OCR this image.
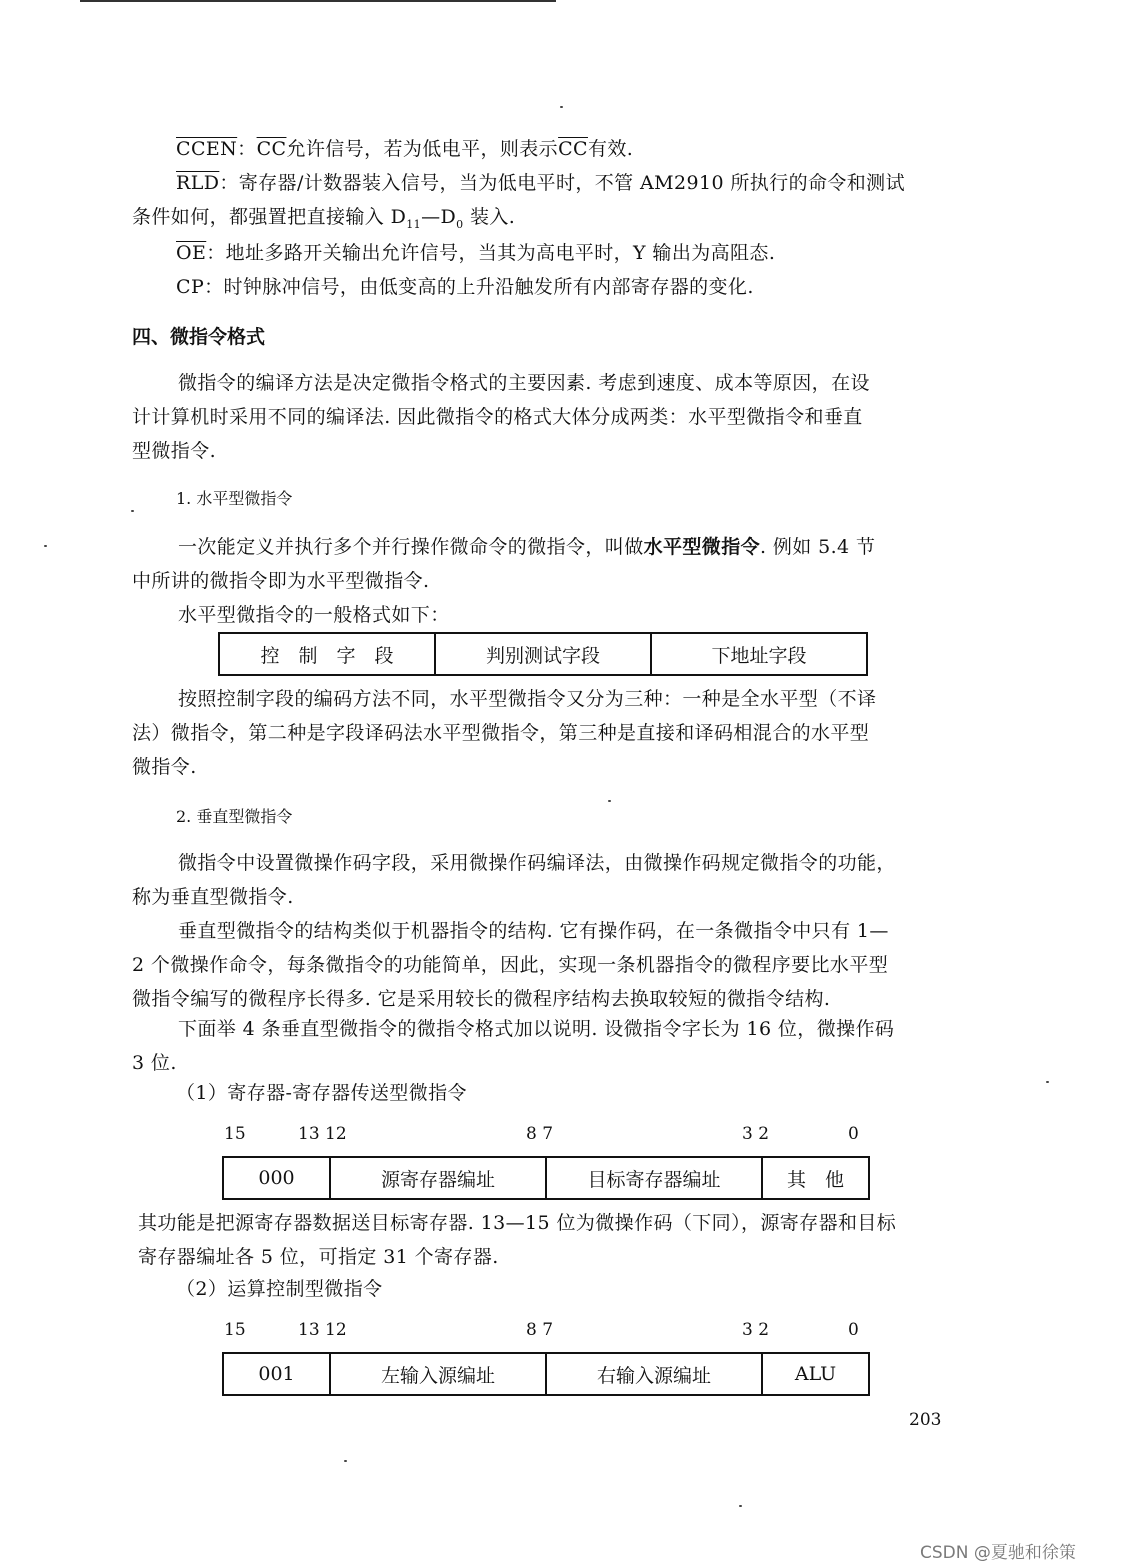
CCEN：$\overline{CC}$允许信号，若为低电平，则表示$\overline{CC}$有效.
$\overline{RLD}$：寄存器/计数器装入信号，当为低电平时，不管 AM2910 所执行的命令和测试
条件如何，都强置把直接输入 $D_{11}—D_0$ 装入.
$\overline{OE}$：地址多路开关输出允许信号，当其为高电平时，Y 输出为高阻态.
CP：时钟脉冲信号，由低变高的上升沿触发所有内部寄存器的变化.
四、微指令格式
微指令的编译方法是决定微指令格式的主要因素. 考虑到速度、成本等原因，在设
计计算机时采用不同的编译法. 因此微指令的格式大体分成两类：水平型微指令和垂直
型微指令.
1. 水平型微指令
一次能定义并执行多个并行操作微命令的微指令，叫做水平型微指令. 例如 5.4 节
中所讲的微指令即为水平型微指令.
水平型微指令的一般格式如下：
控　制　字　段	判别测试字段	下地址字段
按照控制字段的编码方法不同，水平型微指令又分为三种：一种是全水平型（不译
法）微指令，第二种是字段译码法水平型微指令，第三种是直接和译码相混合的水平型
微指令.
2. 垂直型微指令
微指令中设置微操作码字段，采用微操作码编译法，由微操作码规定微指令的功能，
称为垂直型微指令.
垂直型微指令的结构类似于机器指令的结构. 它有操作码，在一条微指令中只有 1—
2 个微操作命令，每条微指令的功能简单，因此，实现一条机器指令的微程序要比水平型
微指令编写的微程序长得多. 它是采用较长的微程序结构去换取较短的微指令结构.
下面举 4 条垂直型微指令的微指令格式加以说明. 设微指令字长为 16 位，微操作码
3 位.
（1）寄存器-寄存器传送型微指令
15	13 12	8 7	3 2	0
000	源寄存器编址	目标寄存器编址	其　他
其功能是把源寄存器数据送目标寄存器. 13—15 位为微操作码（下同），源寄存器和目标
寄存器编址各 5 位，可指定 31 个寄存器.
（2）运算控制型微指令
15	13 12	8 7	3 2	0
001	左输入源编址	右输入源编址	ALU
203
CSDN @夏驰和徐策
